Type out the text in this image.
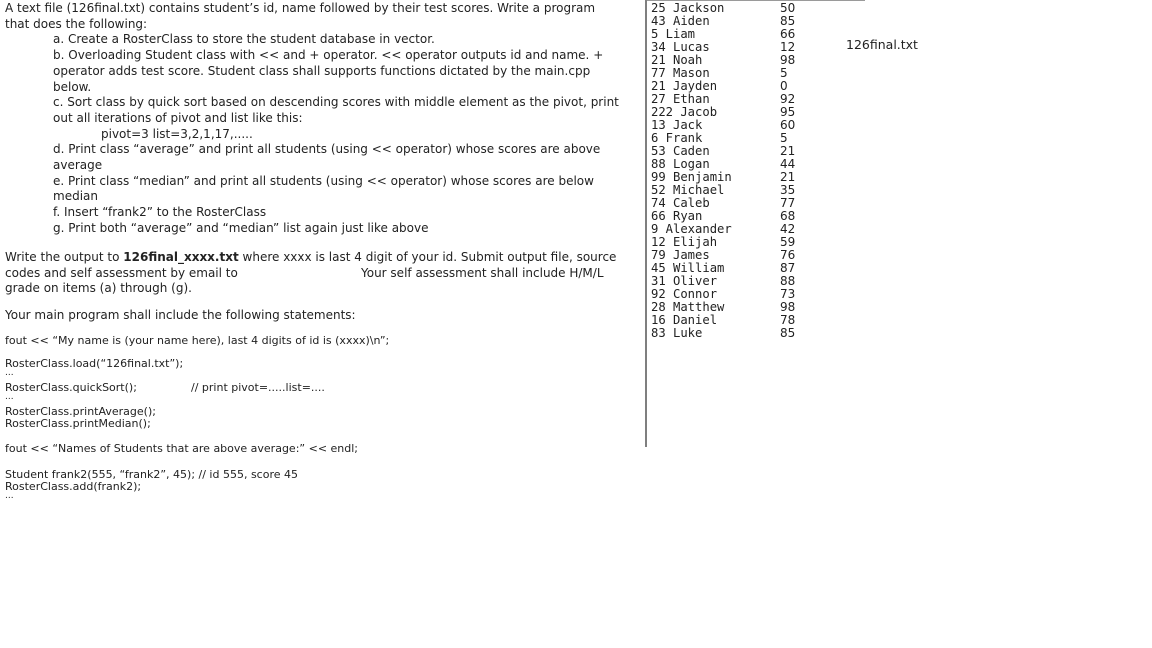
A text file (126final.txt) contains student’s id, name followed by their test scores. Write a program
that does the following:
a. Create a RosterClass to store the student database in vector.
b. Overloading Student class with << and + operator. << operator outputs id and name. +
operator adds test score. Student class shall supports functions dictated by the main.cpp
below.
c. Sort class by quick sort based on descending scores with middle element as the pivot, print
out all iterations of pivot and list like this:
pivot=3 list=3,2,1,17,.....
d. Print class “average” and print all students (using << operator) whose scores are above
average
e. Print class “median” and print all students (using << operator) whose scores are below
median
f. Insert “frank2” to the RosterClass
g. Print both “average” and “median” list again just like above
Write the output to 126final_xxxx.txt where xxxx is last 4 digit of your id. Submit output file, source
codes and self assessment by email to	Your self assessment shall include H/M/L
grade on items (a) through (g).
Your main program shall include the following statements:
fout << “My name is (your name here), last 4 digits of id is (xxxx)\n”;
RosterClass.load(“126final.txt”);
...
RosterClass.quickSort();	// print pivot=.....list=....
...
RosterClass.printAverage();
RosterClass.printMedian();
fout << “Names of Students that are above average:” << endl;
Student frank2(555, “frank2”, 45); // id 555, score 45
RosterClass.add(frank2);
...
25 Jackson	50
43 Aiden	85
5 Liam	66
34 Lucas	12
21 Noah	98
77 Mason	5
21 Jayden	0
27 Ethan	92
222 Jacob	95
13 Jack	60
6 Frank	5
53 Caden	21
88 Logan	44
99 Benjamin	21
52 Michael	35
74 Caleb	77
66 Ryan	68
9 Alexander	42
12 Elijah	59
79 James	76
45 William	87
31 Oliver	88
92 Connor	73
28 Matthew	98
16 Daniel	78
83 Luke	85
126final.txt
